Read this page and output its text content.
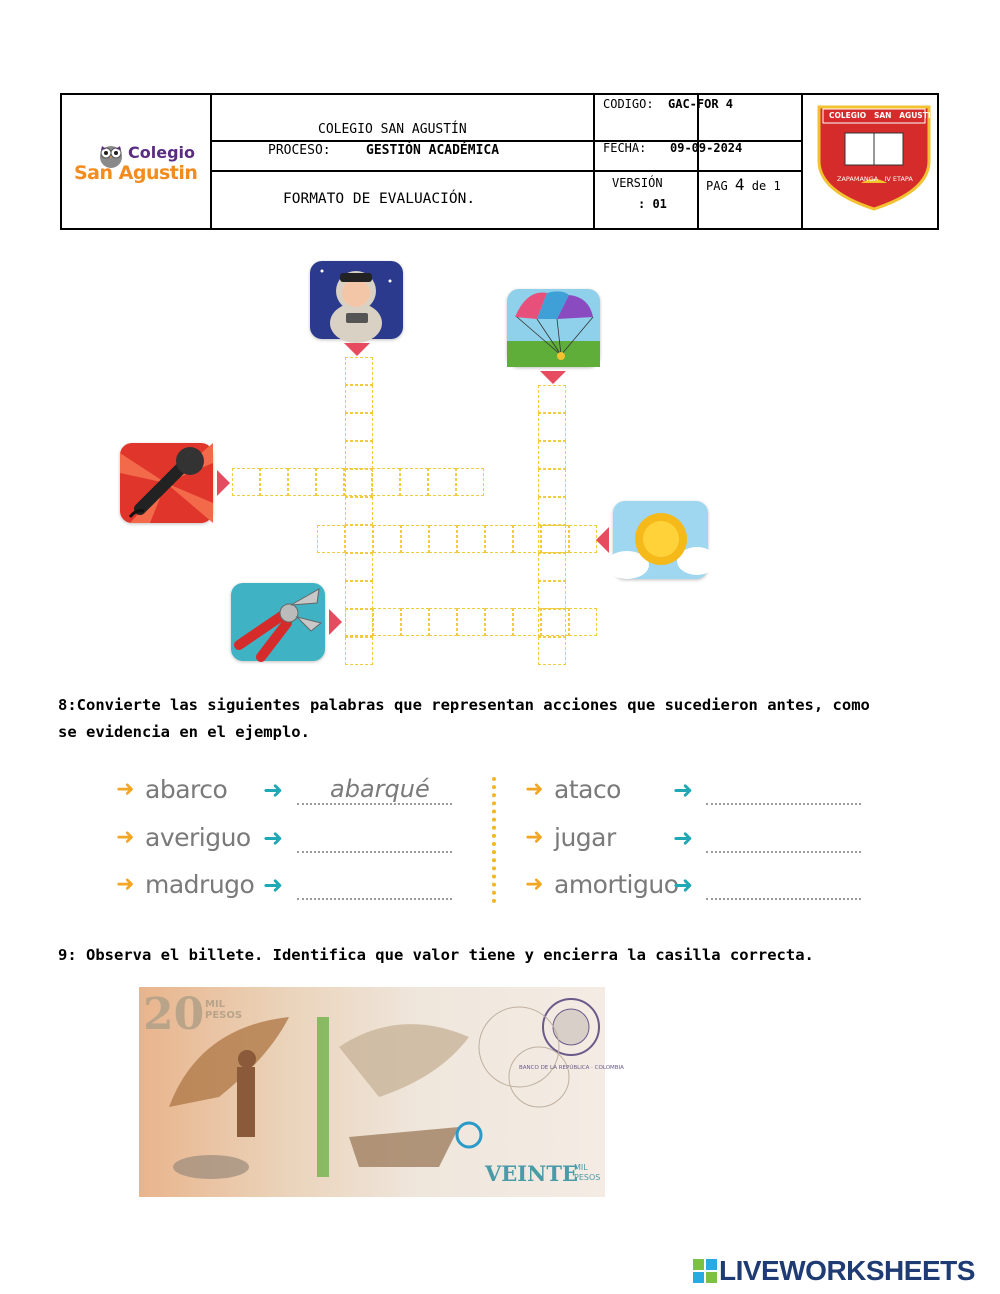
Colegio
San Agustin
COLEGIO SAN AGUSTÍN
PROCESO:	GESTIÓN ACADÉMICA
FORMATO DE EVALUACIÓN.
CODIGO: GAC-FOR 4
FECHA: 09-09-2024
VERSIÓN
: 01
PAG 4 de 1
COLEGIO   SAN   AGUSTIN
ZAPAMANGA   IV ETAPA
8:Convierte las siguientes palabras que representan acciones que sucedieron antes, como se evidencia en el ejemplo.
➜ abarco ➜ abarqué
➜ averiguo ➜
➜ madrugo ➜
➜ ataco ➜
➜ jugar ➜
➜ amortiguo
➜
9: Observa el billete. Identifica que valor tiene y encierra la casilla correcta.
20 MIL
PESOS
BANCO DE LA REPÚBLICA · COLOMBIA
VEINTE
MIL
PESOS
LIVEWORKSHEETS
